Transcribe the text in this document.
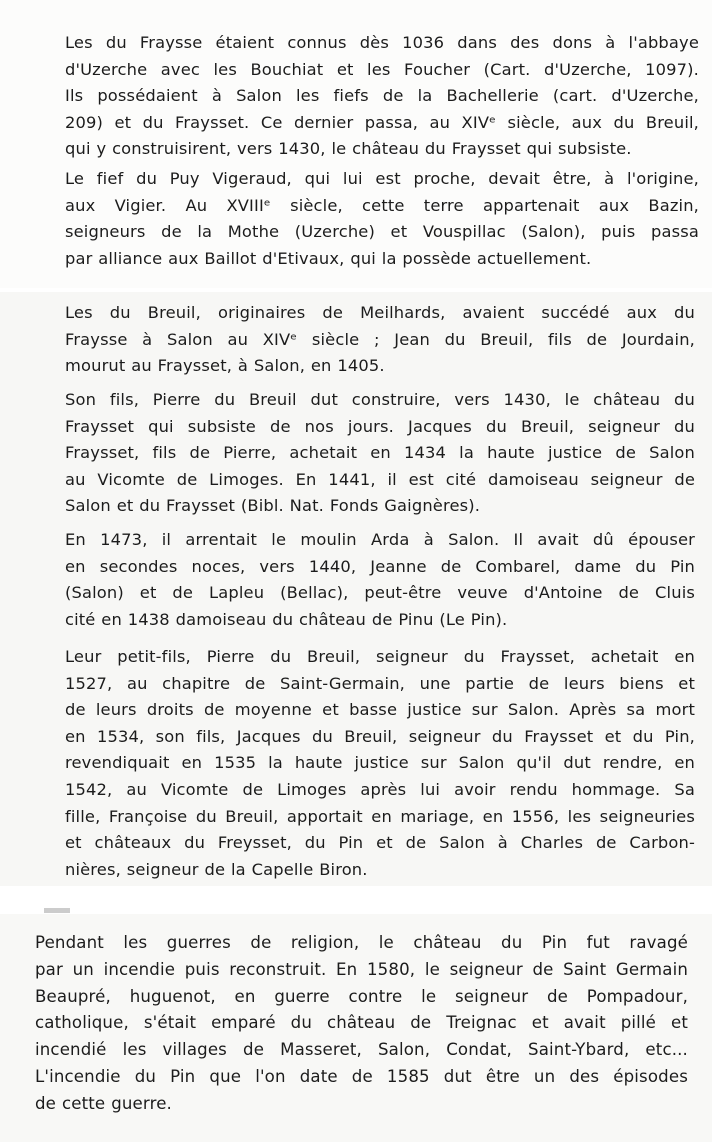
Les du Fraysse étaient connus dès 1036 dans des dons à l'abbaye
d'Uzerche avec les Bouchiat et les Foucher (Cart. d'Uzerche, 1097).
Ils possédaient à Salon les fiefs de la Bachellerie (cart. d'Uzerche,
209) et du Fraysset. Ce dernier passa, au XIVᵉ siècle, aux du Breuil,
qui y construisirent, vers 1430, le château du Fraysset qui subsiste.

Le fief du Puy Vigeraud, qui lui est proche, devait être, à l'origine,
aux Vigier. Au XVIIIᵉ siècle, cette terre appartenait aux Bazin,
seigneurs de la Mothe (Uzerche) et Vouspillac (Salon), puis passa
par alliance aux Baillot d'Etivaux, qui la possède actuellement.

Les du Breuil, originaires de Meilhards, avaient succédé aux du
Fraysse à Salon au XIVᵉ siècle ; Jean du Breuil, fils de Jourdain,
mourut au Fraysset, à Salon, en 1405.

Son fils, Pierre du Breuil dut construire, vers 1430, le château du
Fraysset qui subsiste de nos jours. Jacques du Breuil, seigneur du
Fraysset, fils de Pierre, achetait en 1434 la haute justice de Salon
au Vicomte de Limoges. En 1441, il est cité damoiseau seigneur de
Salon et du Fraysset (Bibl. Nat. Fonds Gaignères).

En 1473, il arrentait le moulin Arda à Salon. Il avait dû épouser
en secondes noces, vers 1440, Jeanne de Combarel, dame du Pin
(Salon) et de Lapleu (Bellac), peut-être veuve d'Antoine de Cluis
cité en 1438 damoiseau du château de Pinu (Le Pin).

Leur petit-fils, Pierre du Breuil, seigneur du Fraysset, achetait en
1527, au chapitre de Saint-Germain, une partie de leurs biens et
de leurs droits de moyenne et basse justice sur Salon. Après sa mort
en 1534, son fils, Jacques du Breuil, seigneur du Fraysset et du Pin,
revendiquait en 1535 la haute justice sur Salon qu'il dut rendre, en
1542, au Vicomte de Limoges après lui avoir rendu hommage. Sa
fille, Françoise du Breuil, apportait en mariage, en 1556, les seigneuries
et châteaux du Freysset, du Pin et de Salon à Charles de Carbon-
nières, seigneur de la Capelle Biron.

Pendant les guerres de religion, le château du Pin fut ravagé
par un incendie puis reconstruit. En 1580, le seigneur de Saint Germain
Beaupré, huguenot, en guerre contre le seigneur de Pompadour,
catholique, s'était emparé du château de Treignac et avait pillé et
incendié les villages de Masseret, Salon, Condat, Saint-Ybard, etc...
L'incendie du Pin que l'on date de 1585 dut être un des épisodes
de cette guerre.
